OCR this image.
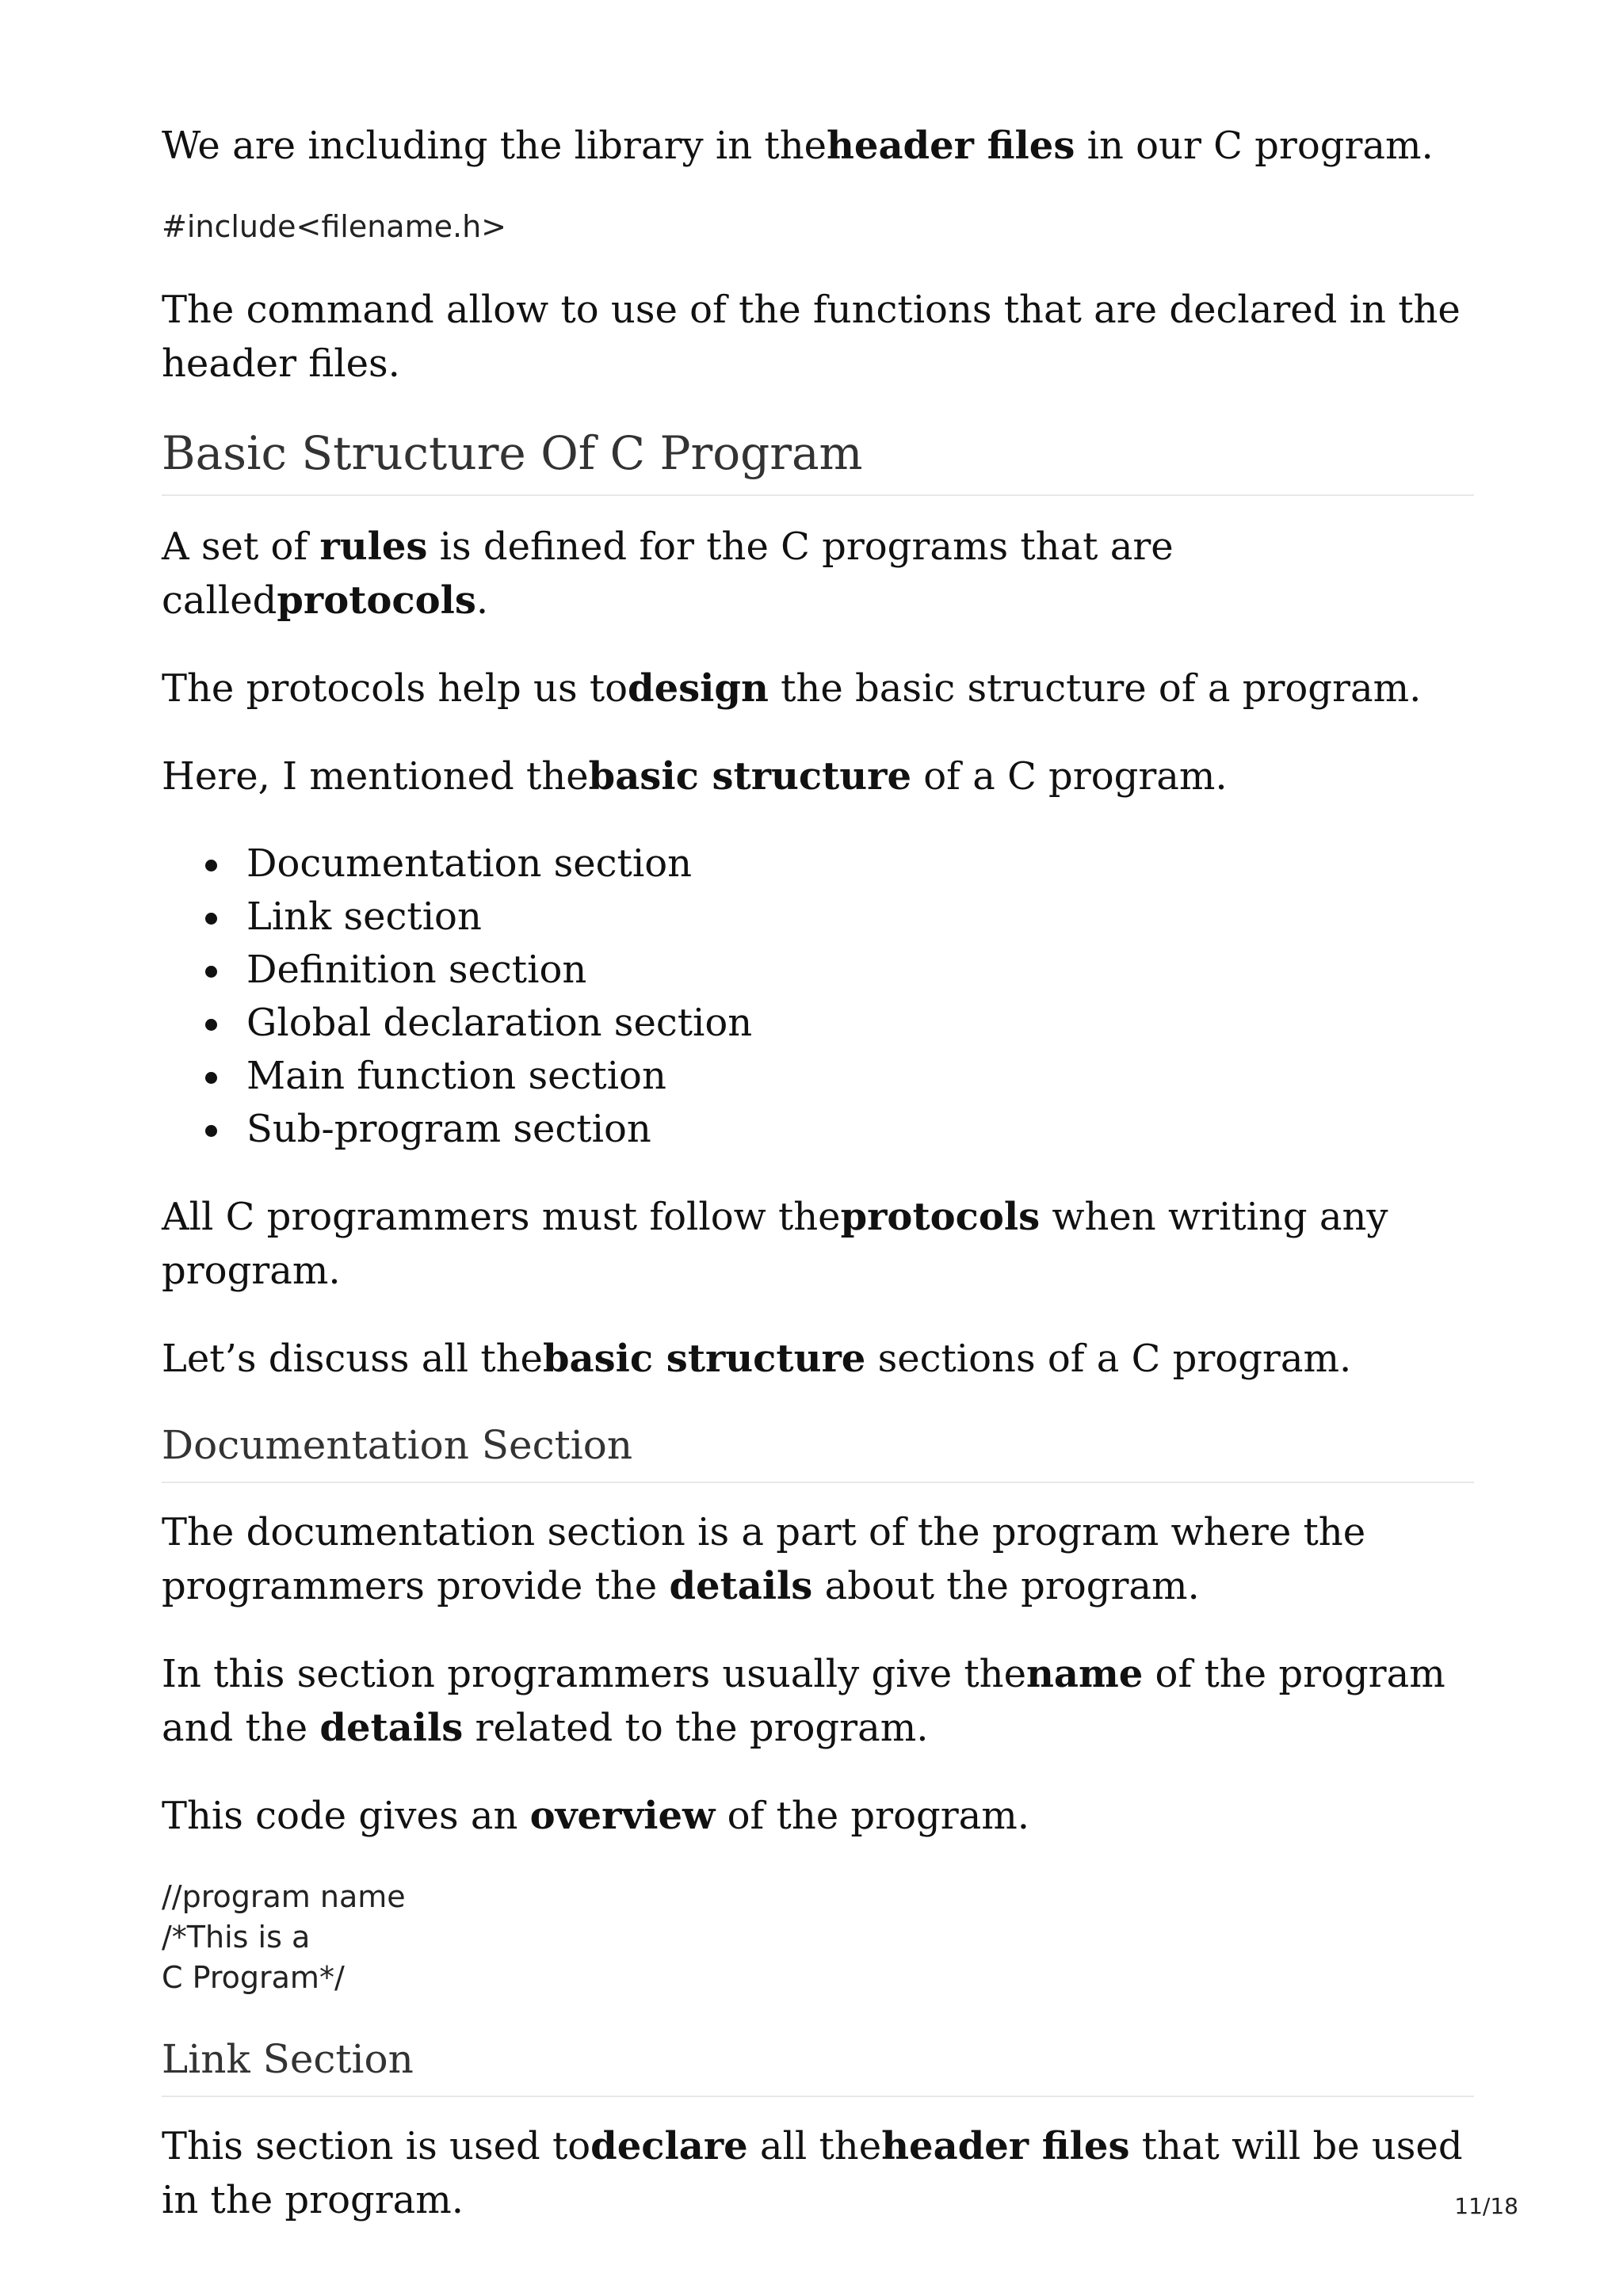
We are including the library in theheader files in our C program.

#include<filename.h>

The command allow to use of the functions that are declared in the header files.

Basic Structure Of C Program

A set of rules is defined for the C programs that are calledprotocols.

The protocols help us todesign the basic structure of a program.

Here, I mentioned thebasic structure of a C program.

Documentation section
Link section
Definition section
Global declaration section
Main function section
Sub-program section

All C programmers must follow theprotocols when writing any program.

Let’s discuss all thebasic structure sections of a C program.

Documentation Section

The documentation section is a part of the program where the programmers provide the details about the program.

In this section programmers usually give thename of the program and the details related to the program.

This code gives an overview of the program.

//program name
/*This is a
C Program*/
Link Section

This section is used todeclare all theheader files that will be used in the program.	11/18
